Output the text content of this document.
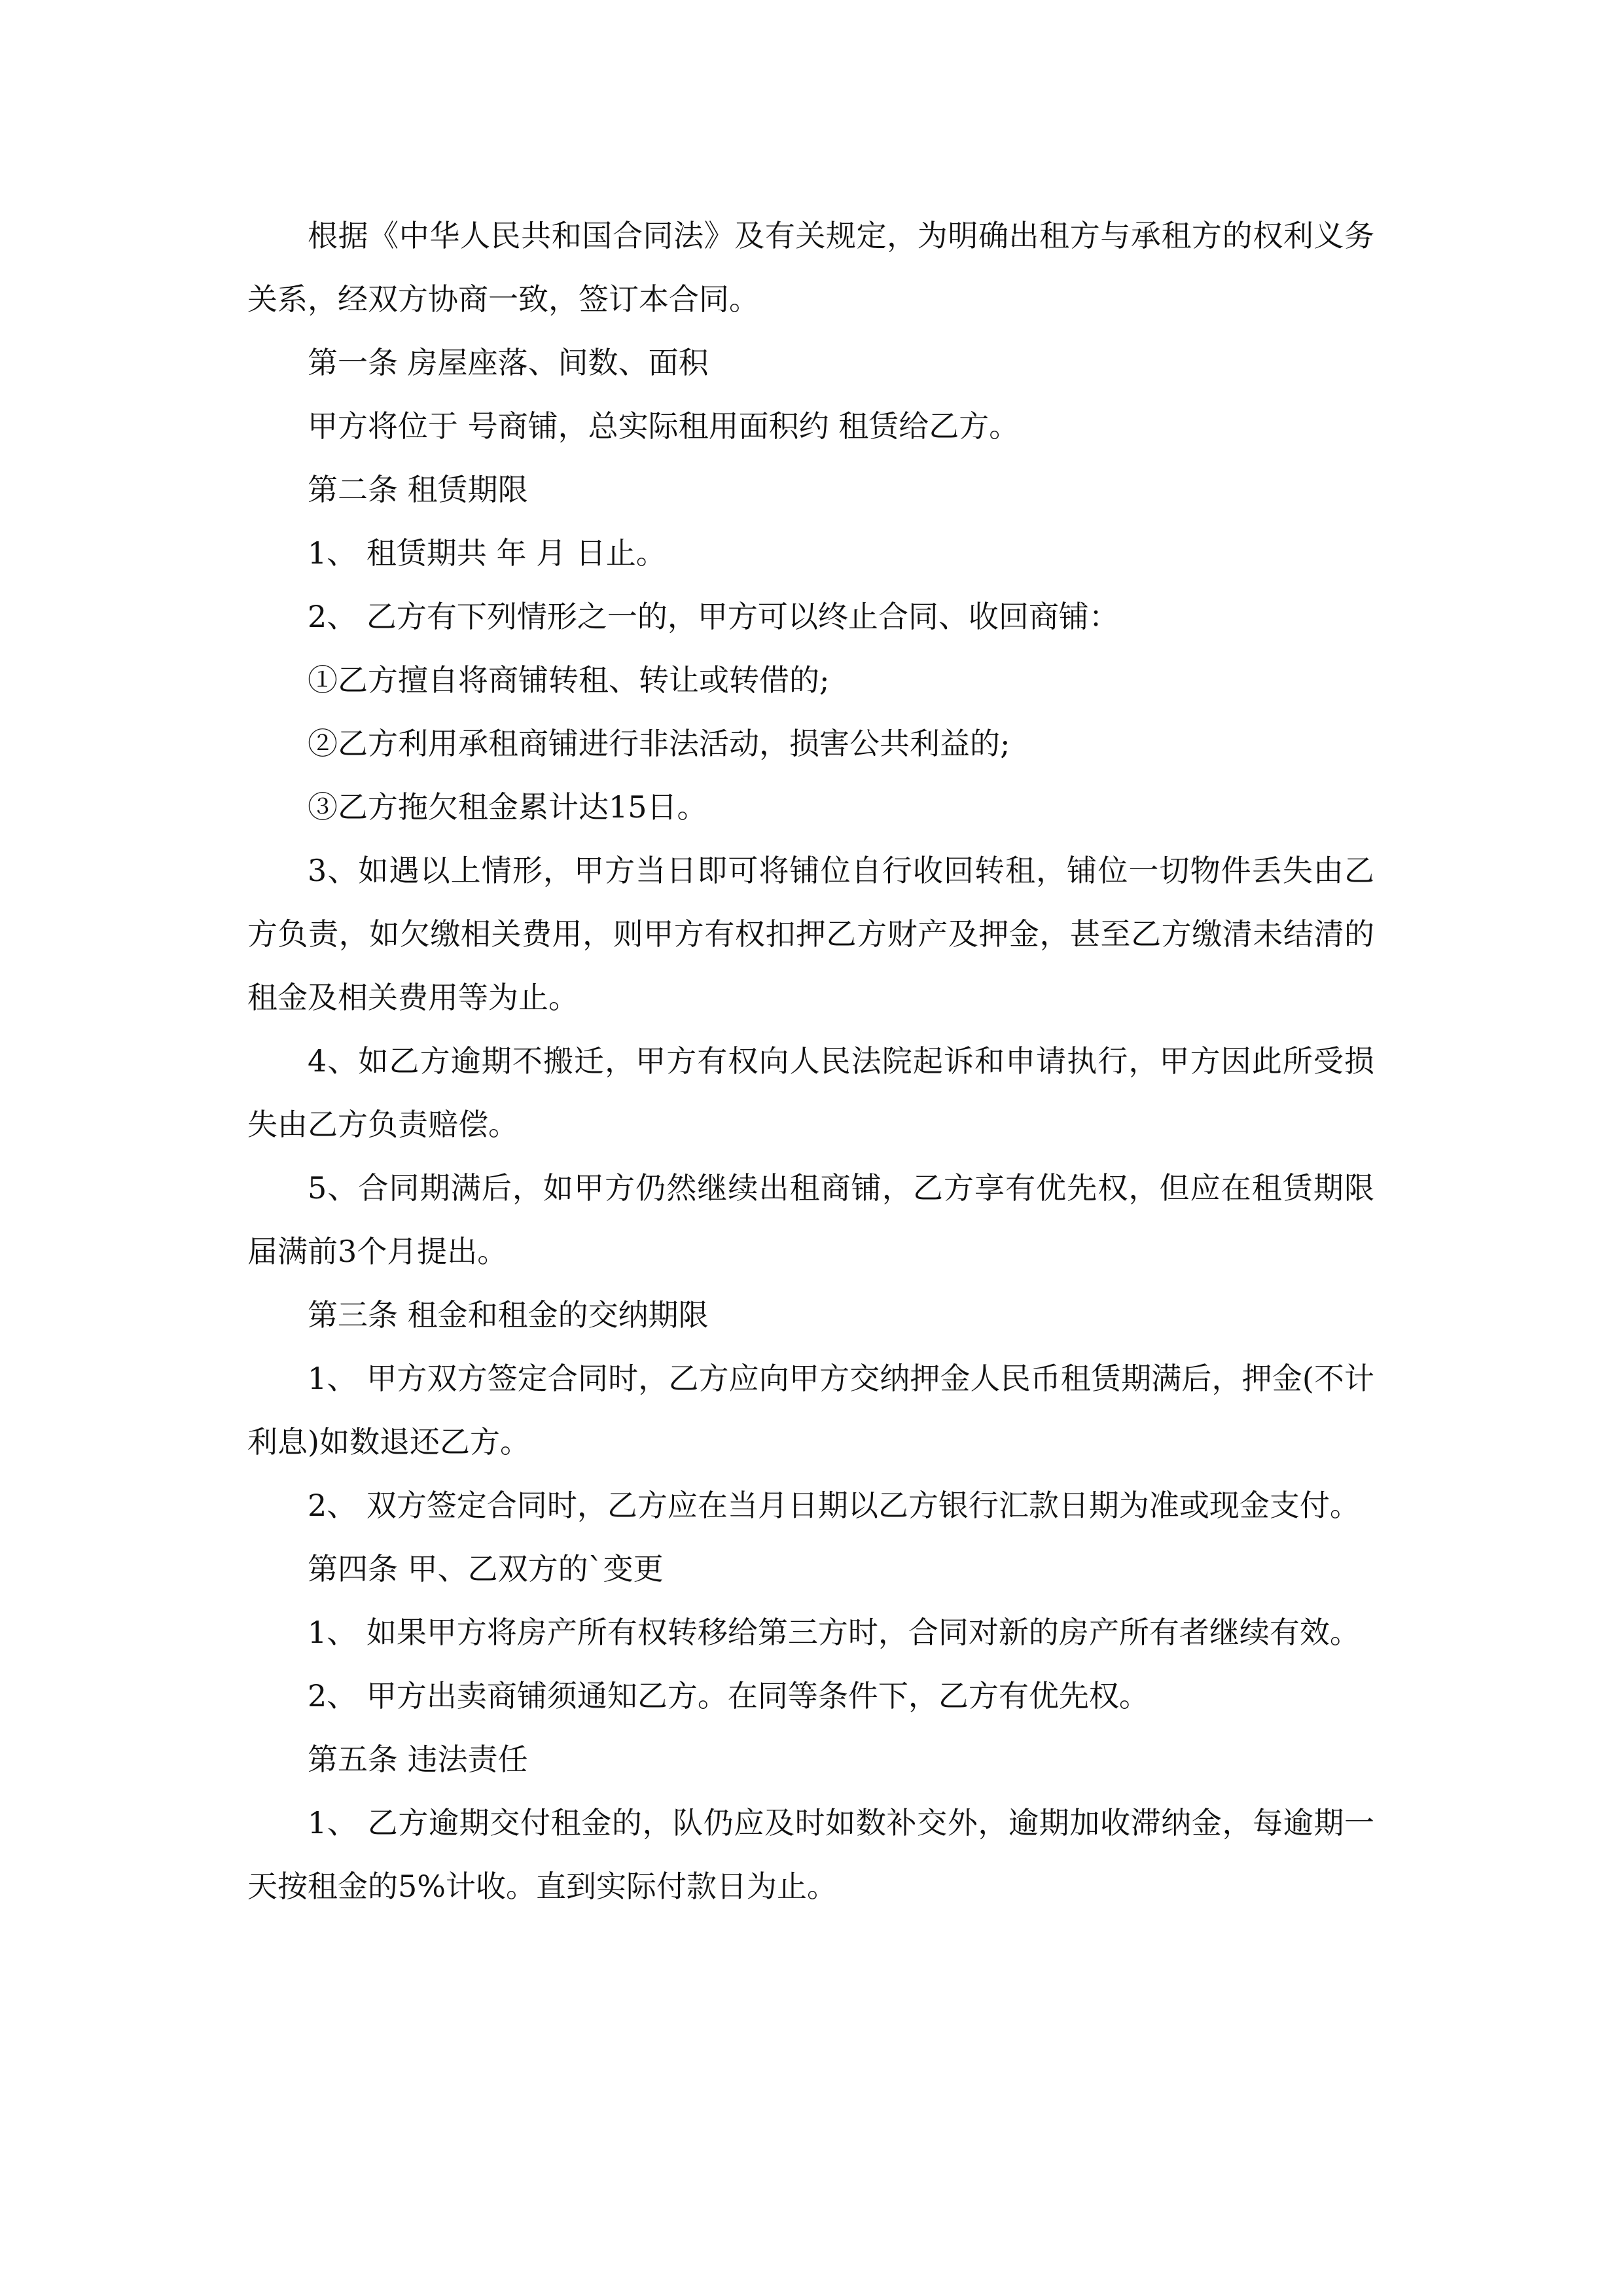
根据《中华人民共和国合同法》及有关规定，为明确出租方与承租方的权利义务关系，经双方协商一致，签订本合同。

第一条 房屋座落、间数、面积

甲方将位于 号商铺，总实际租用面积约 租赁给乙方。

第二条 租赁期限

1、 租赁期共 年 月 日止。

2、 乙方有下列情形之一的，甲方可以终止合同、收回商铺：

①乙方擅自将商铺转租、转让或转借的;

②乙方利用承租商铺进行非法活动，损害公共利益的;

③乙方拖欠租金累计达15日。

3、如遇以上情形，甲方当日即可将铺位自行收回转租，铺位一切物件丢失由乙方负责，如欠缴相关费用，则甲方有权扣押乙方财产及押金，甚至乙方缴清未结清的租金及相关费用等为止。

4、如乙方逾期不搬迁，甲方有权向人民法院起诉和申请执行，甲方因此所受损失由乙方负责赔偿。

5、合同期满后，如甲方仍然继续出租商铺，乙方享有优先权，但应在租赁期限届满前3个月提出。

第三条 租金和租金的交纳期限

1、 甲方双方签定合同时，乙方应向甲方交纳押金人民币租赁期满后，押金(不计利息)如数退还乙方。

2、 双方签定合同时，乙方应在当月日期以乙方银行汇款日期为准或现金支付。

第四条 甲、乙双方的`变更

1、 如果甲方将房产所有权转移给第三方时，合同对新的房产所有者继续有效。

2、 甲方出卖商铺须通知乙方。在同等条件下，乙方有优先权。

第五条 违法责任

1、 乙方逾期交付租金的，队仍应及时如数补交外，逾期加收滞纳金，每逾期一天按租金的5%计收。直到实际付款日为止。
